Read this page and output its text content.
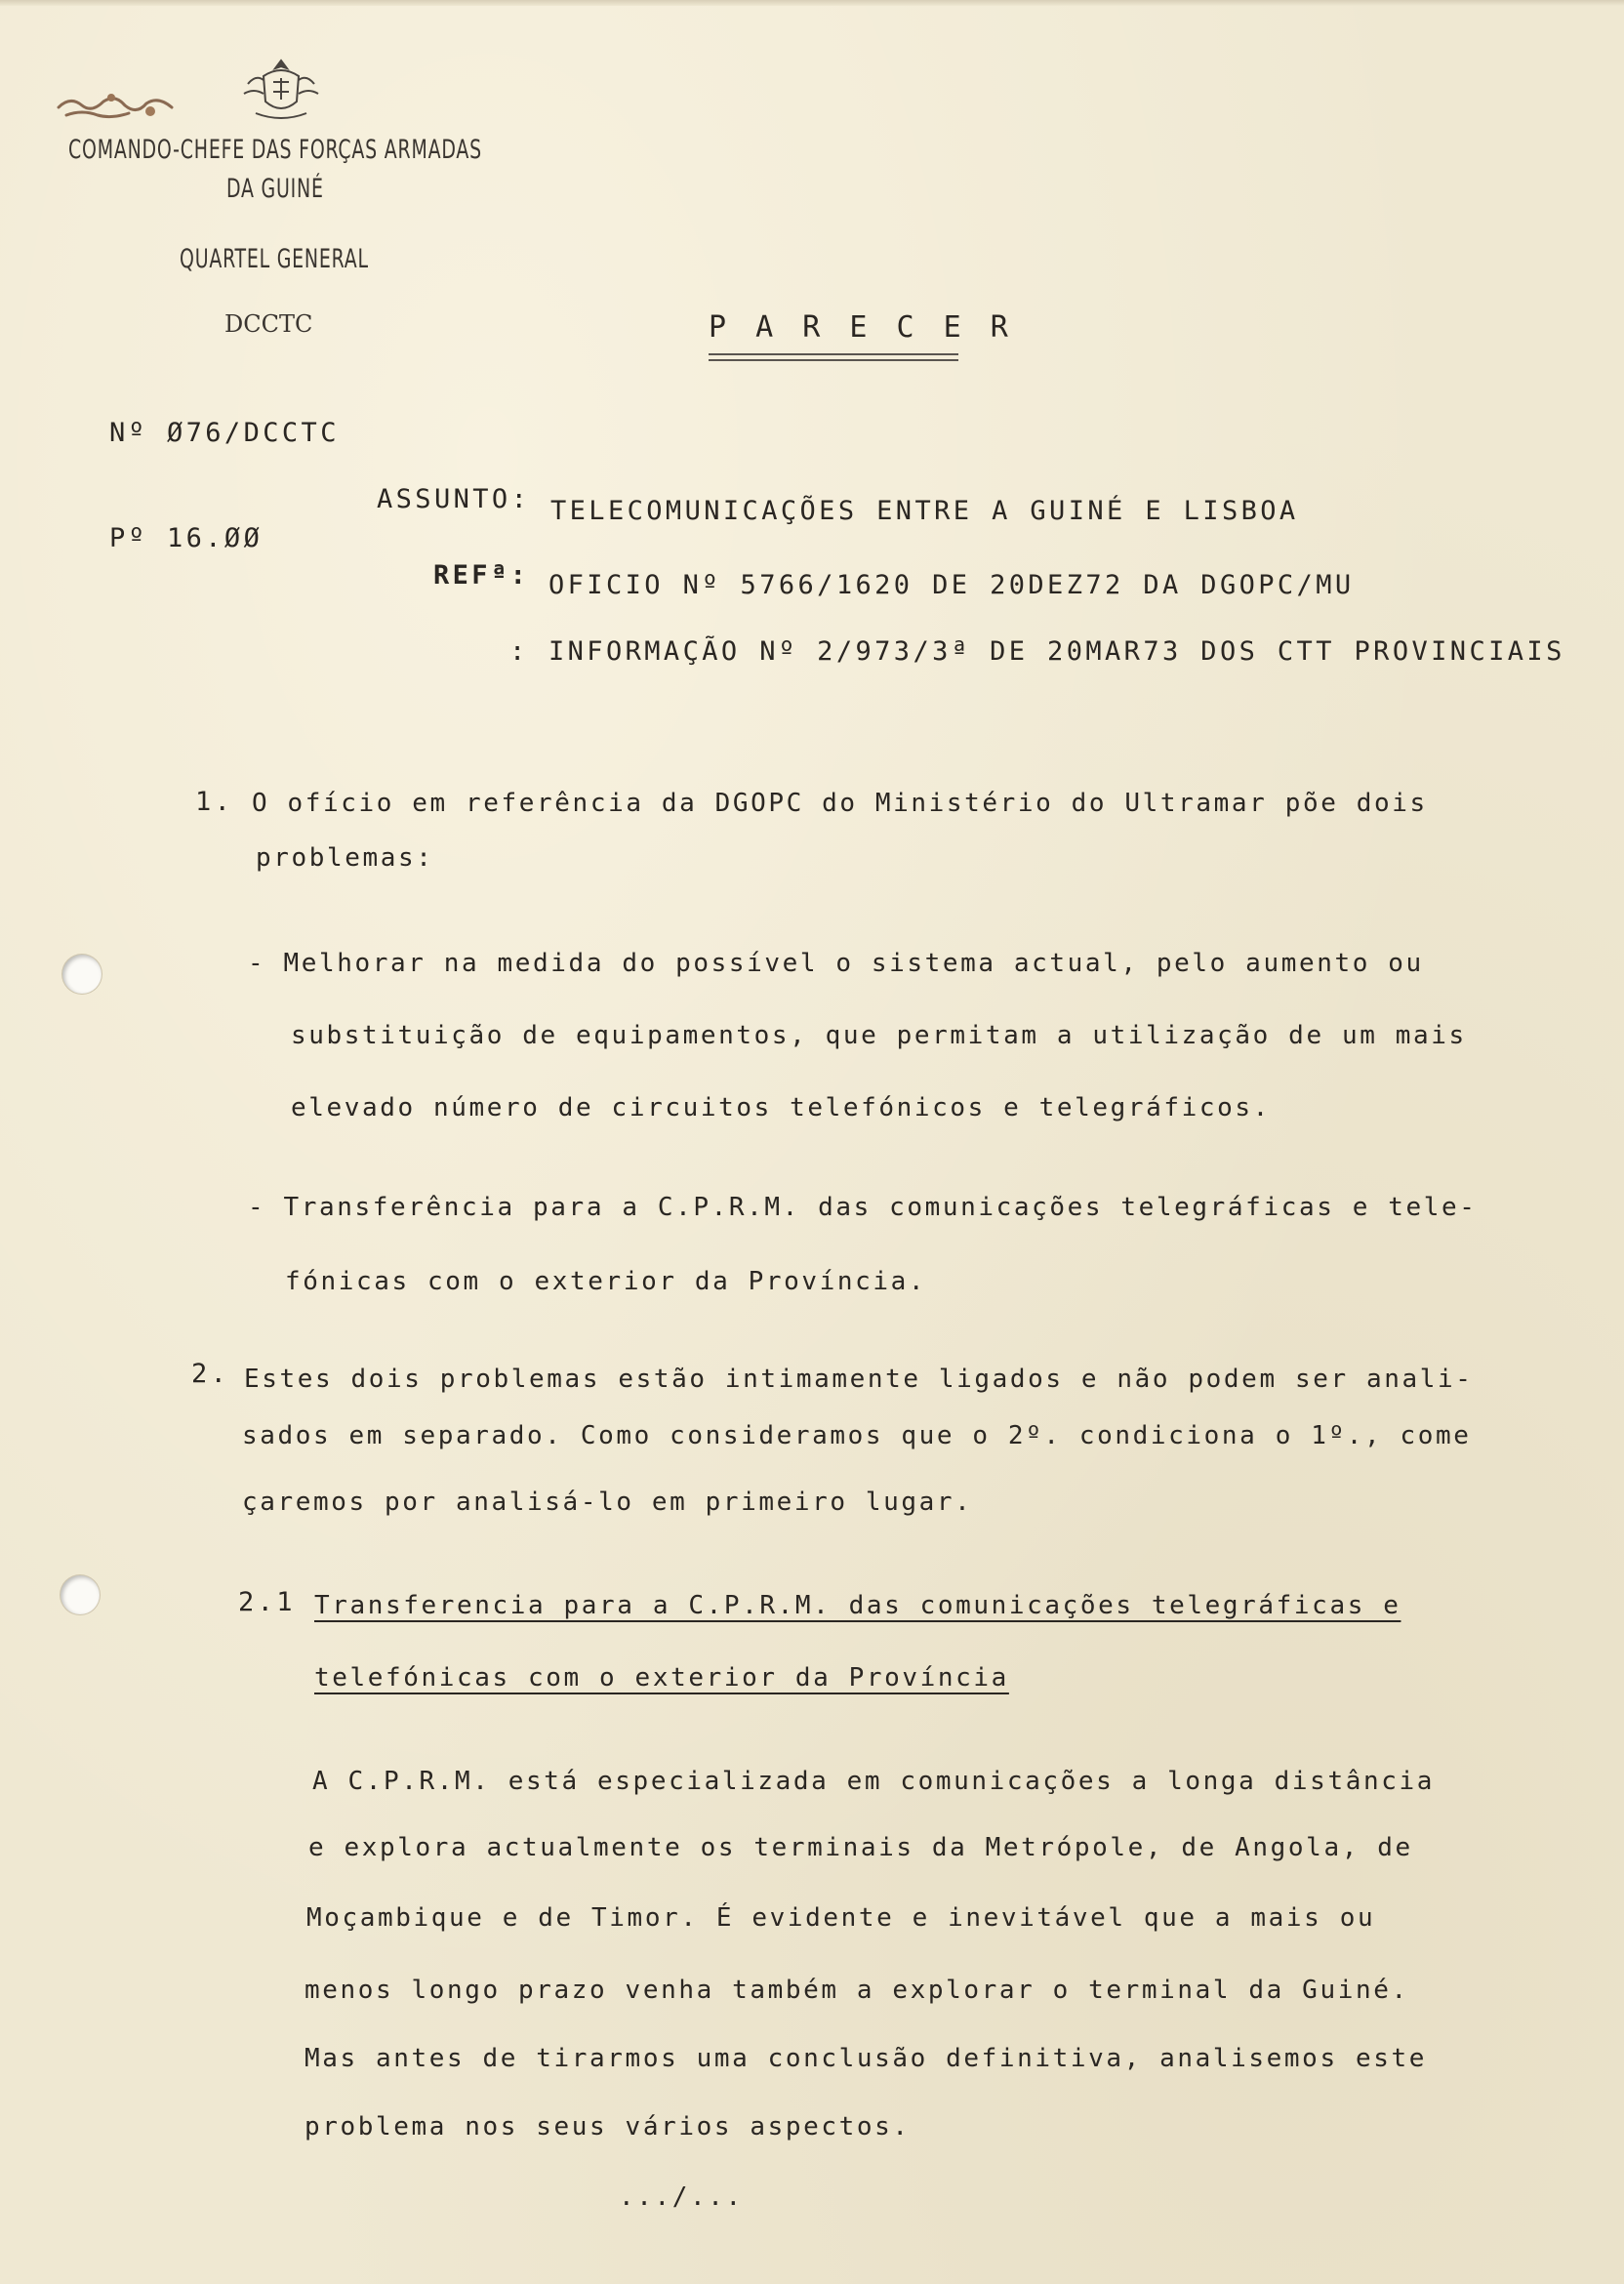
COMANDO-CHEFE DAS FORÇAS ARMADAS
DA GUINÉ
QUARTEL GENERAL
DCCTC	P A R E C E R
Nº Ø76/DCCTC
Pº 16.ØØ
ASSUNTO: TELECOMUNICAÇÕES ENTRE A GUINÉ E LISBOA
REFª: OFICIO Nº 5766/1620 DE 20DEZ72 DA DGOPC/MU
: INFORMAÇÃO Nº 2/973/3ª DE 20MAR73 DOS CTT PROVINCIAIS
1. O ofício em referência da DGOPC do Ministério do Ultramar põe dois
problemas:
- Melhorar na medida do possível o sistema actual, pelo aumento ou
substituição de equipamentos, que permitam a utilização de um mais
elevado número de circuitos telefónicos e telegráficos.
- Transferência para a C.P.R.M. das comunicações telegráficas e tele-
fónicas com o exterior da Província.
2. Estes dois problemas estão intimamente ligados e não podem ser anali-
sados em separado. Como consideramos que o 2º. condiciona o 1º., come
çaremos por analisá-lo em primeiro lugar.
2.1 Transferencia para a C.P.R.M. das comunicações telegráficas e
telefónicas com o exterior da Província
A C.P.R.M. está especializada em comunicações a longa distância
e explora actualmente os terminais da Metrópole, de Angola, de
Moçambique e de Timor. É evidente e inevitável que a mais ou
menos longo prazo venha também a explorar o terminal da Guiné.
Mas antes de tirarmos uma conclusão definitiva, analisemos este
problema nos seus vários aspectos.
.../...
